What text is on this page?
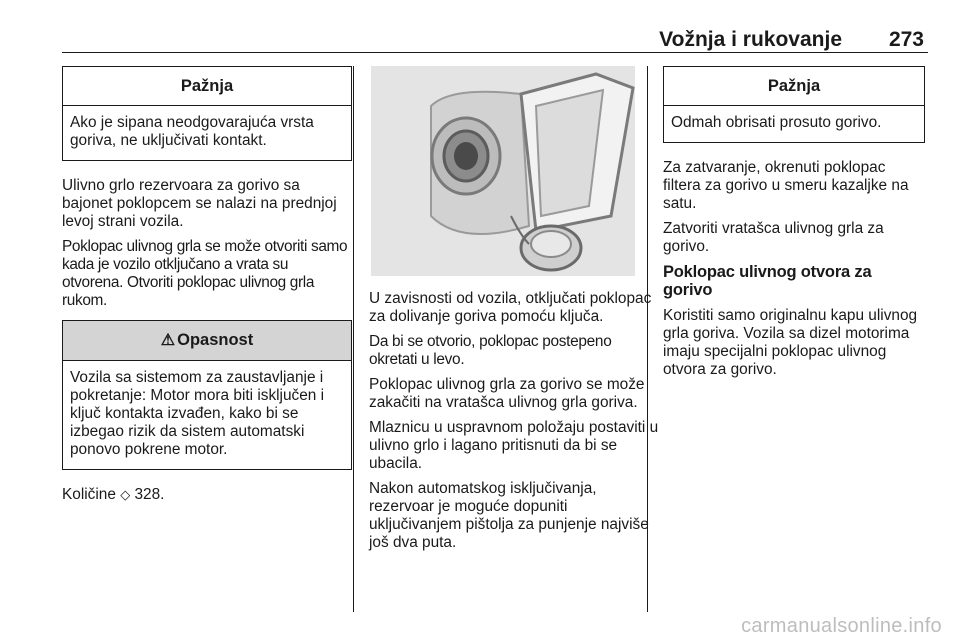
Vožnja i rukovanje 273
Pažnja
Ako je sipana neodgovarajuća vrsta goriva, ne uključivati kontakt.

Ulivno grlo rezervoara za gorivo sa bajonet poklopcem se nalazi na prednjoj levoj strani vozila.

Poklopac ulivnog grla se može otvoriti samo kada je vozilo otključano a vrata su otvorena. Otvoriti poklopac ulivnog grla rukom.

⚠ Opasnost
Vozila sa sistemom za zaustavljanje i pokretanje: Motor mora biti isključen i ključ kontakta izvađen, kako bi se izbegao rizik da sistem automatski ponovo pokrene motor.

Količine ◇ 328.

U zavisnosti od vozila, otključati poklopac za dolivanje goriva pomoću ključa.

Da bi se otvorio, poklopac postepeno okretati u levo.

Poklopac ulivnog grla za gorivo se može zakačiti na vratašca ulivnog grla goriva.

Mlaznicu u uspravnom položaju postaviti u ulivno grlo i lagano pritisnuti da bi se ubacila.

Nakon automatskog isključivanja, rezervoar je moguće dopuniti uključivanjem pištolja za punjenje najviše još dva puta.

Pažnja
Odmah obrisati prosuto gorivo.

Za zatvaranje, okrenuti poklopac filtera za gorivo u smeru kazaljke na satu.

Zatvoriti vratašca ulivnog grla za gorivo.

Poklopac ulivnog otvora za gorivo

Koristiti samo originalnu kapu ulivnog grla goriva. Vozila sa dizel motorima imaju specijalni poklopac ulivnog otvora za gorivo.

carmanualsonline.info
